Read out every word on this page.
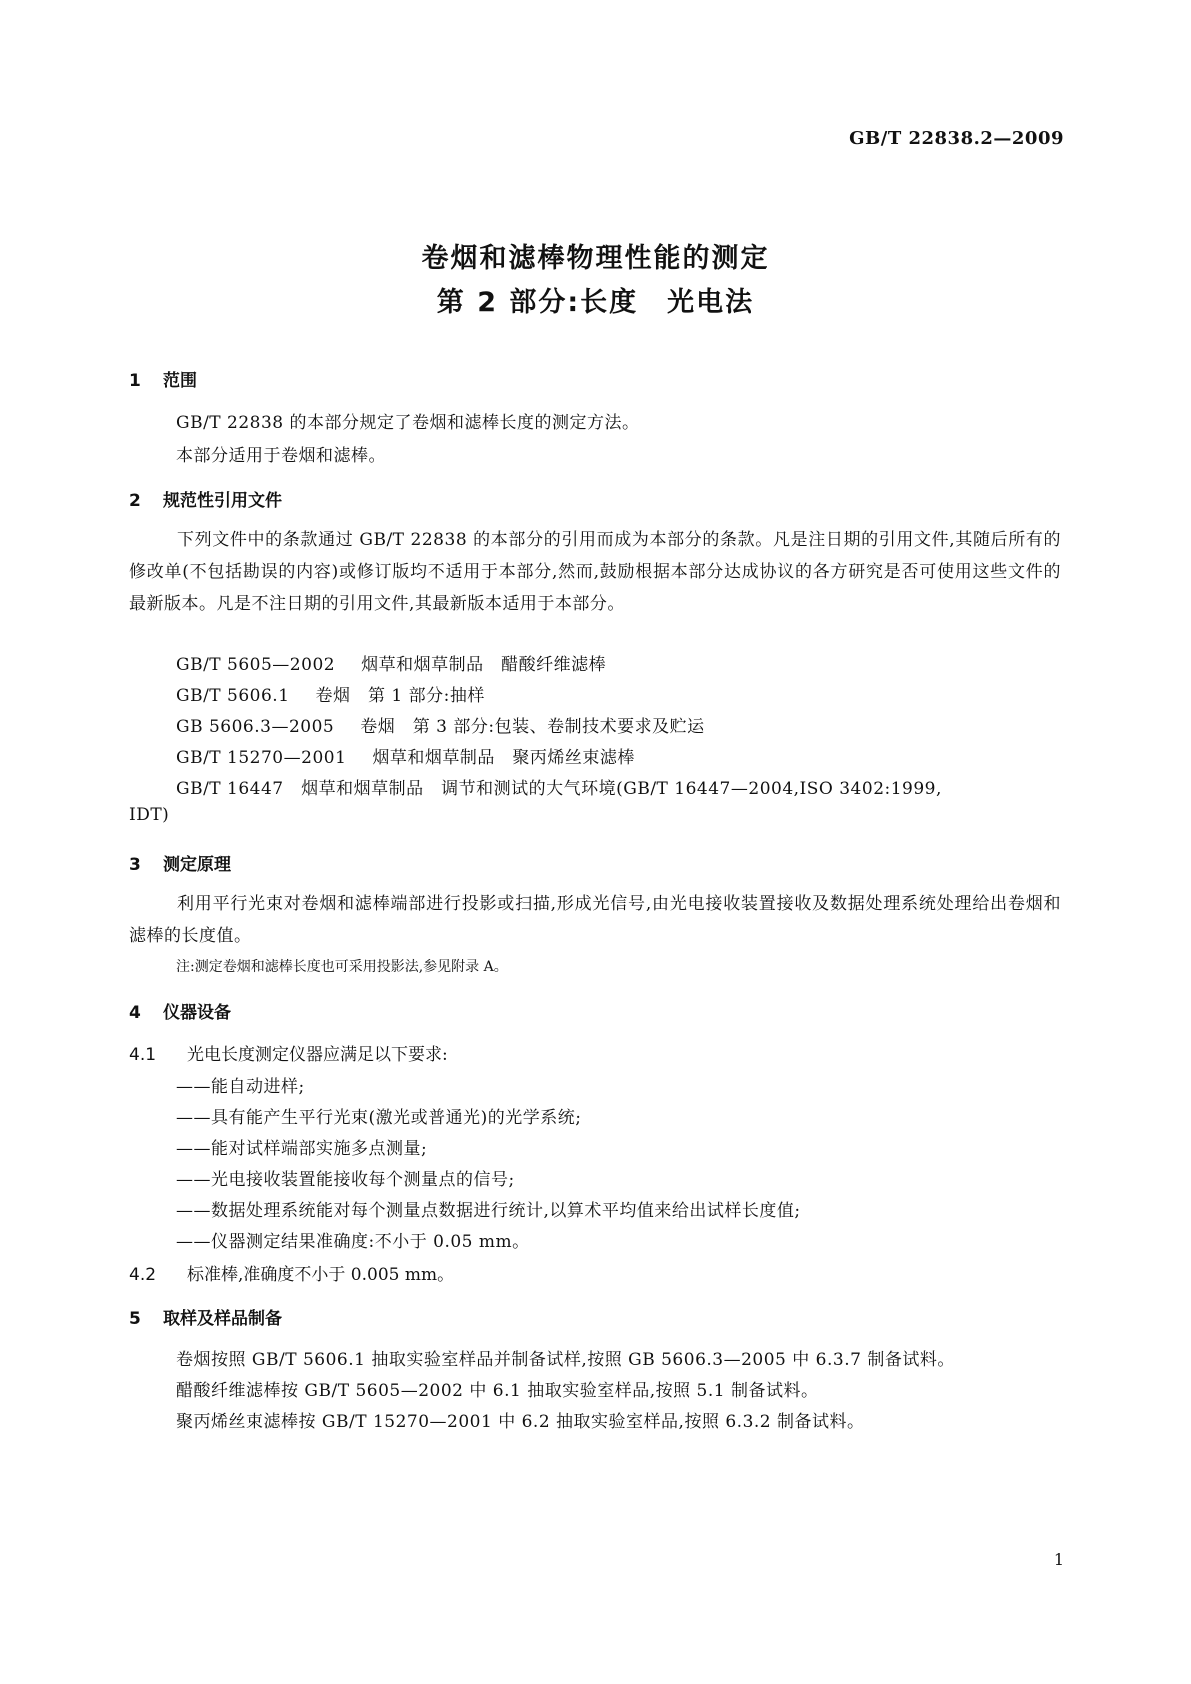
GB/T 22838.2—2009
卷烟和滤棒物理性能的测定
第 2 部分:长度　光电法
1 范围
GB/T 22838 的本部分规定了卷烟和滤棒长度的测定方法。
本部分适用于卷烟和滤棒。
2 规范性引用文件
下列文件中的条款通过 GB/T 22838 的本部分的引用而成为本部分的条款。凡是注日期的引用文件,其随后所有的修改单(不包括勘误的内容)或修订版均不适用于本部分,然而,鼓励根据本部分达成协议的各方研究是否可使用这些文件的最新版本。凡是不注日期的引用文件,其最新版本适用于本部分。
GB/T 5605—2002 烟草和烟草制品　醋酸纤维滤棒
GB/T 5606.1 卷烟　第 1 部分:抽样
GB 5606.3—2005 卷烟　第 3 部分:包装、卷制技术要求及贮运
GB/T 15270—2001 烟草和烟草制品　聚丙烯丝束滤棒
GB/T 16447　烟草和烟草制品　调节和测试的大气环境(GB/T 16447—2004,ISO 3402:1999,
IDT)
3 测定原理
利用平行光束对卷烟和滤棒端部进行投影或扫描,形成光信号,由光电接收装置接收及数据处理系统处理给出卷烟和滤棒的长度值。
注:测定卷烟和滤棒长度也可采用投影法,参见附录 A。
4 仪器设备
4.1 光电长度测定仪器应满足以下要求:
——能自动进样;
——具有能产生平行光束(激光或普通光)的光学系统;
——能对试样端部实施多点测量;
——光电接收装置能接收每个测量点的信号;
——数据处理系统能对每个测量点数据进行统计,以算术平均值来给出试样长度值;
——仪器测定结果准确度:不小于 0.05 mm。
4.2 标准棒,准确度不小于 0.005 mm。
5 取样及样品制备
卷烟按照 GB/T 5606.1 抽取实验室样品并制备试样,按照 GB 5606.3—2005 中 6.3.7 制备试料。
醋酸纤维滤棒按 GB/T 5605—2002 中 6.1 抽取实验室样品,按照 5.1 制备试料。
聚丙烯丝束滤棒按 GB/T 15270—2001 中 6.2 抽取实验室样品,按照 6.3.2 制备试料。
1
